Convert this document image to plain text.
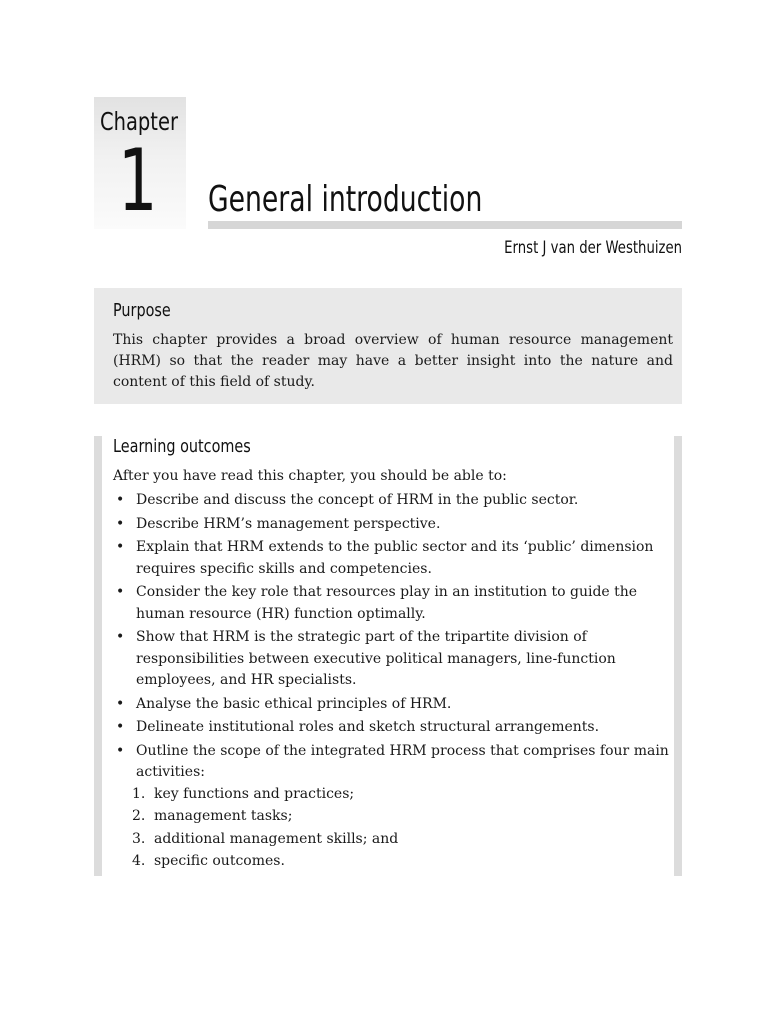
Chapter
1 General introduction
Ernst J van der Westhuizen
Purpose
This chapter provides a broad overview of human resource management (HRM) so that the reader may have a better insight into the nature and content of this field of study.
Learning outcomes
After you have read this chapter, you should be able to:
• Describe and discuss the concept of HRM in the public sector.
• Describe HRM’s management perspective.
• Explain that HRM extends to the public sector and its ‘public’ dimension requires specific skills and competencies.
• Consider the key role that resources play in an institution to guide the human resource (HR) function optimally.
• Show that HRM is the strategic part of the tripartite division of responsibilities between executive political managers, line-function employees, and HR specialists.
• Analyse the basic ethical principles of HRM.
• Delineate institutional roles and sketch structural arrangements.
• Outline the scope of the integrated HRM process that comprises four main activities:
1. key functions and practices;
2. management tasks;
3. additional management skills; and
4. specific outcomes.
